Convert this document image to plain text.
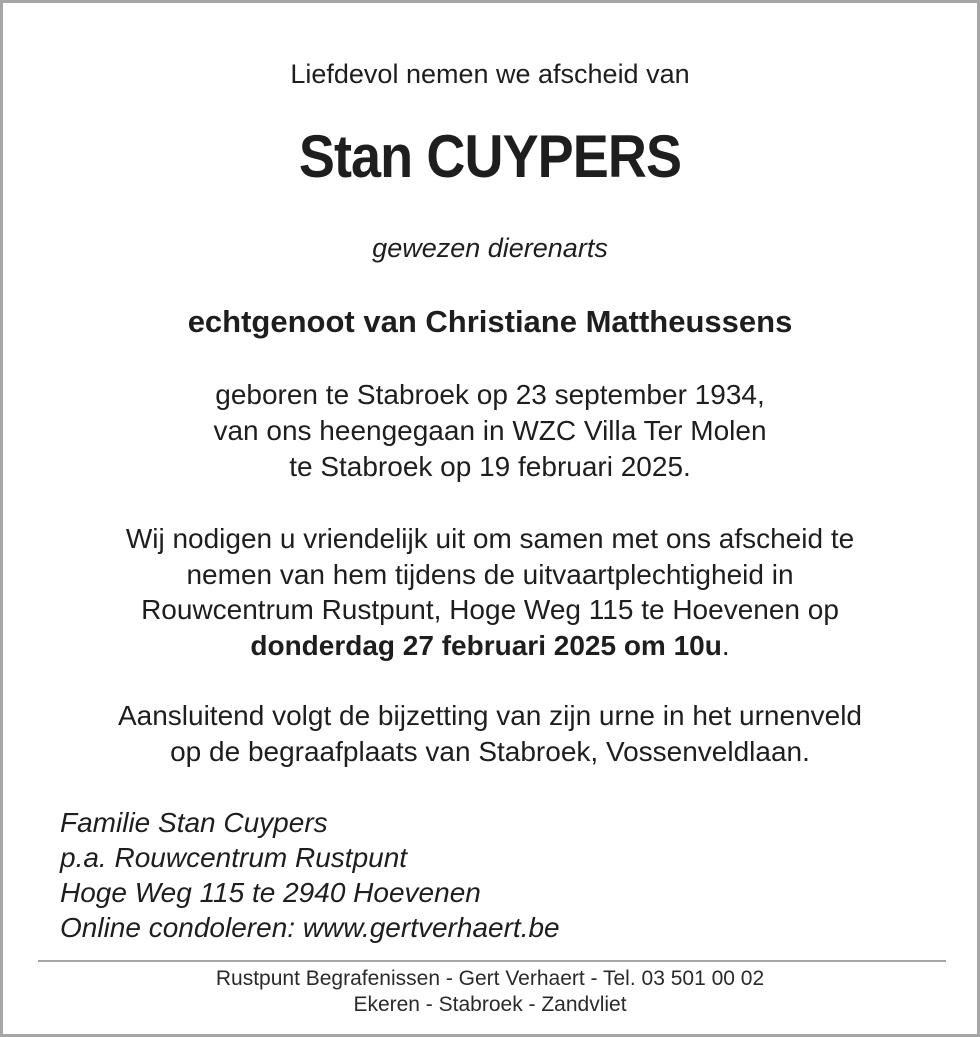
Liefdevol nemen we afscheid van
Stan CUYPERS
gewezen dierenarts
echtgenoot van Christiane Mattheussens
geboren te Stabroek op 23 september 1934,
van ons heengegaan in WZC Villa Ter Molen
te Stabroek op 19 februari 2025.
Wij nodigen u vriendelijk uit om samen met ons afscheid te
nemen van hem tijdens de uitvaartplechtigheid in
Rouwcentrum Rustpunt, Hoge Weg 115 te Hoevenen op
donderdag 27 februari 2025 om 10u.
Aansluitend volgt de bijzetting van zijn urne in het urnenveld
op de begraafplaats van Stabroek, Vossenveldlaan.
Familie Stan Cuypers
p.a. Rouwcentrum Rustpunt
Hoge Weg 115 te 2940 Hoevenen
Online condoleren: www.gertverhaert.be
Rustpunt Begrafenissen - Gert Verhaert - Tel. 03 501 00 02
Ekeren - Stabroek - Zandvliet
